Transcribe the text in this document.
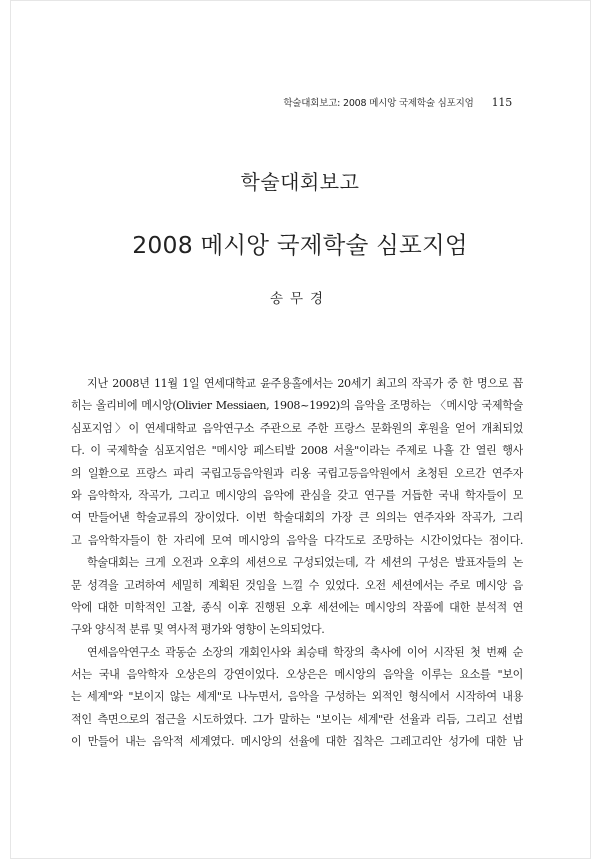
학술대회보고: 2008 메시앙 국제학술 심포지엄 115
학술대회보고
2008 메시앙 국제학술 심포지엄
송무경
지난 2008년 11월 1일 연세대학교 윤주용홀에서는 20세기 최고의 작곡가 중 한 명으로 꼽
히는 올리비에 메시앙(Olivier Messiaen, 1908~1992)의 음악을 조명하는 〈메시앙 국제학술
심포지엄〉이 연세대학교 음악연구소 주관으로 주한 프랑스 문화원의 후원을 얻어 개최되었
다. 이 국제학술 심포지엄은 "메시앙 페스티발 2008 서울"이라는 주제로 나흘 간 열린 행사
의 일환으로 프랑스 파리 국립고등음악원과 리옹 국립고등음악원에서 초청된 오르간 연주자
와 음악학자, 작곡가, 그리고 메시앙의 음악에 관심을 갖고 연구를 거듭한 국내 학자들이 모
여 만들어낸 학술교류의 장이었다. 이번 학술대회의 가장 큰 의의는 연주자와 작곡가, 그리
고 음악학자들이 한 자리에 모여 메시앙의 음악을 다각도로 조망하는 시간이었다는 점이다.
학술대회는 크게 오전과 오후의 세션으로 구성되었는데, 각 세션의 구성은 발표자들의 논
문 성격을 고려하여 세밀히 계획된 것임을 느낄 수 있었다. 오전 세션에서는 주로 메시앙 음
악에 대한 미학적인 고찰, 종식 이후 진행된 오후 세션에는 메시앙의 작품에 대한 분석적 연
구와 양식적 분류 및 역사적 평가와 영향이 논의되었다.
연세음악연구소 곽동순 소장의 개회인사와 최승태 학장의 축사에 이어 시작된 첫 번째 순
서는 국내 음악학자 오상은의 강연이었다. 오상은은 메시앙의 음악을 이루는 요소를 "보이
는 세계"와 "보이지 않는 세계"로 나누면서, 음악을 구성하는 외적인 형식에서 시작하여 내용
적인 측면으로의 접근을 시도하였다. 그가 말하는 "보이는 세계"란 선율과 리듬, 그리고 선법
이 만들어 내는 음악적 세계였다. 메시앙의 선율에 대한 집착은 그레고리안 성가에 대한 남
